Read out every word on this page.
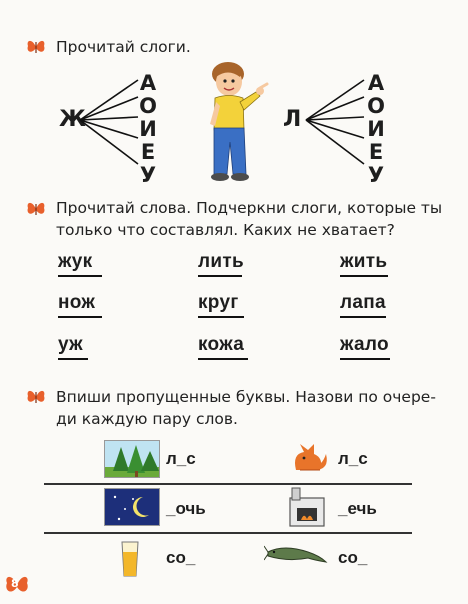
Прочитай слоги.
Ж
А
О
И
Е
У
Л
А
О
И
Е
У
Прочитай слова. Подчеркни слоги, которые ты
только что составлял. Каких не хватает?
жук	лить	жить
нож	круг	лапа
уж	кожа	жало
Впиши пропущенные буквы. Назови по очере-
ди каждую пару слов.
л_с	л_с
_очь	_ечь
со_	со_
8
